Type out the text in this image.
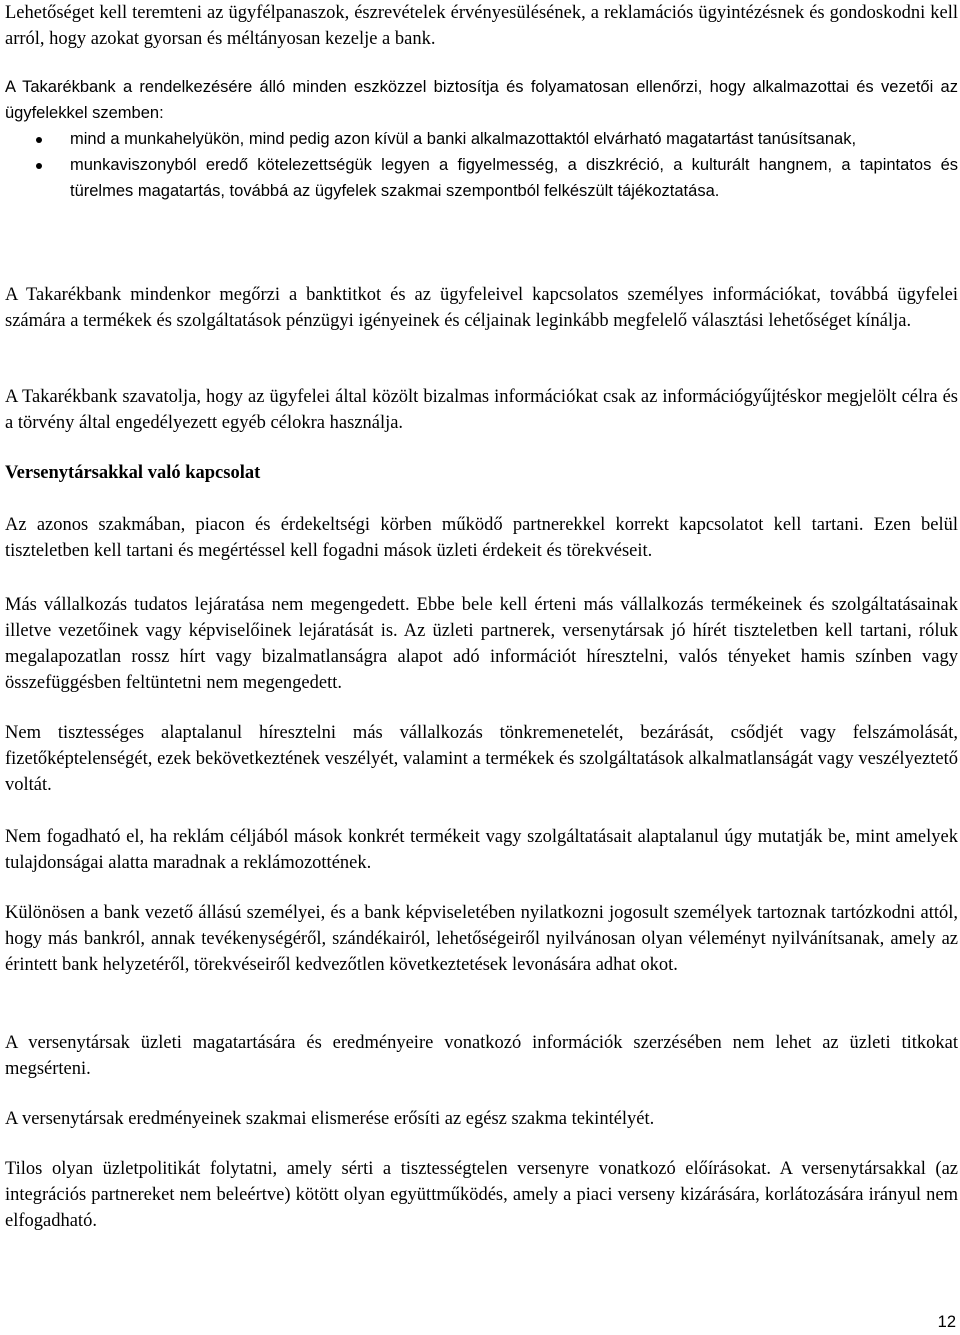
Lehetőséget kell teremteni az ügyfélpanaszok, észrevételek érvényesülésének, a reklamációs ügyintézésnek és gondoskodni kell arról, hogy azokat gyorsan és méltányosan kezelje a bank.

A Takarékbank a rendelkezésére álló minden eszközzel biztosítja és folyamatosan ellenőrzi, hogy alkalmazottai és vezetői az ügyfelekkel szemben:

mind a munkahelyükön, mind pedig azon kívül a banki alkalmazottaktól elvárható magatartást tanúsítsanak,
munkaviszonyból eredő kötelezettségük legyen a figyelmesség, a diszkréció, a kulturált hangnem, a tapintatos és türelmes magatartás, továbbá az ügyfelek szakmai szempontból felkészült tájékoztatása.

A Takarékbank mindenkor megőrzi a banktitkot és az ügyfeleivel kapcsolatos személyes információkat, továbbá ügyfelei számára a termékek és szolgáltatások pénzügyi igényeinek és céljainak leginkább megfelelő választási lehetőséget kínálja.

A Takarékbank szavatolja, hogy az ügyfelei által közölt bizalmas információkat csak az információgyűjtéskor megjelölt célra és a törvény által engedélyezett egyéb célokra használja.

Versenytársakkal való kapcsolat

Az azonos szakmában, piacon és érdekeltségi körben működő partnerekkel korrekt kapcsolatot kell tartani. Ezen belül tiszteletben kell tartani és megértéssel kell fogadni mások üzleti érdekeit és törekvéseit.

Más vállalkozás tudatos lejáratása nem megengedett. Ebbe bele kell érteni más vállalkozás termékeinek és szolgáltatásainak illetve vezetőinek vagy képviselőinek lejáratását is. Az üzleti partnerek, versenytársak jó hírét tiszteletben kell tartani, róluk megalapozatlan rossz hírt vagy bizalmatlanságra alapot adó információt híresztelni, valós tényeket hamis színben vagy összefüggésben feltüntetni nem megengedett.

Nem tisztességes alaptalanul híresztelni más vállalkozás tönkremenetelét, bezárását, csődjét vagy felszámolását, fizetőképtelenségét, ezek bekövetkeztének veszélyét, valamint a termékek és szolgáltatások alkalmatlanságát vagy veszélyeztető voltát.

Nem fogadható el, ha reklám céljából mások konkrét termékeit vagy szolgáltatásait alaptalanul úgy mutatják be, mint amelyek tulajdonságai alatta maradnak a reklámozottének.

Különösen a bank vezető állású személyei, és a bank képviseletében nyilatkozni jogosult személyek tartoznak tartózkodni attól, hogy más bankról, annak tevékenységéről, szándékairól, lehetőségeiről nyilvánosan olyan véleményt nyilvánítsanak, amely az érintett bank helyzetéről, törekvéseiről kedvezőtlen következtetések levonására adhat okot.

A versenytársak üzleti magatartására és eredményeire vonatkozó információk szerzésében nem lehet az üzleti titkokat megsérteni.

A versenytársak eredményeinek szakmai elismerése erősíti az egész szakma tekintélyét.

Tilos olyan üzletpolitikát folytatni, amely sérti a tisztességtelen versenyre vonatkozó előírásokat. A versenytársakkal (az integrációs partnereket nem beleértve) kötött olyan együttműködés, amely a piaci verseny kizárására, korlátozására irányul nem elfogadható.

12
